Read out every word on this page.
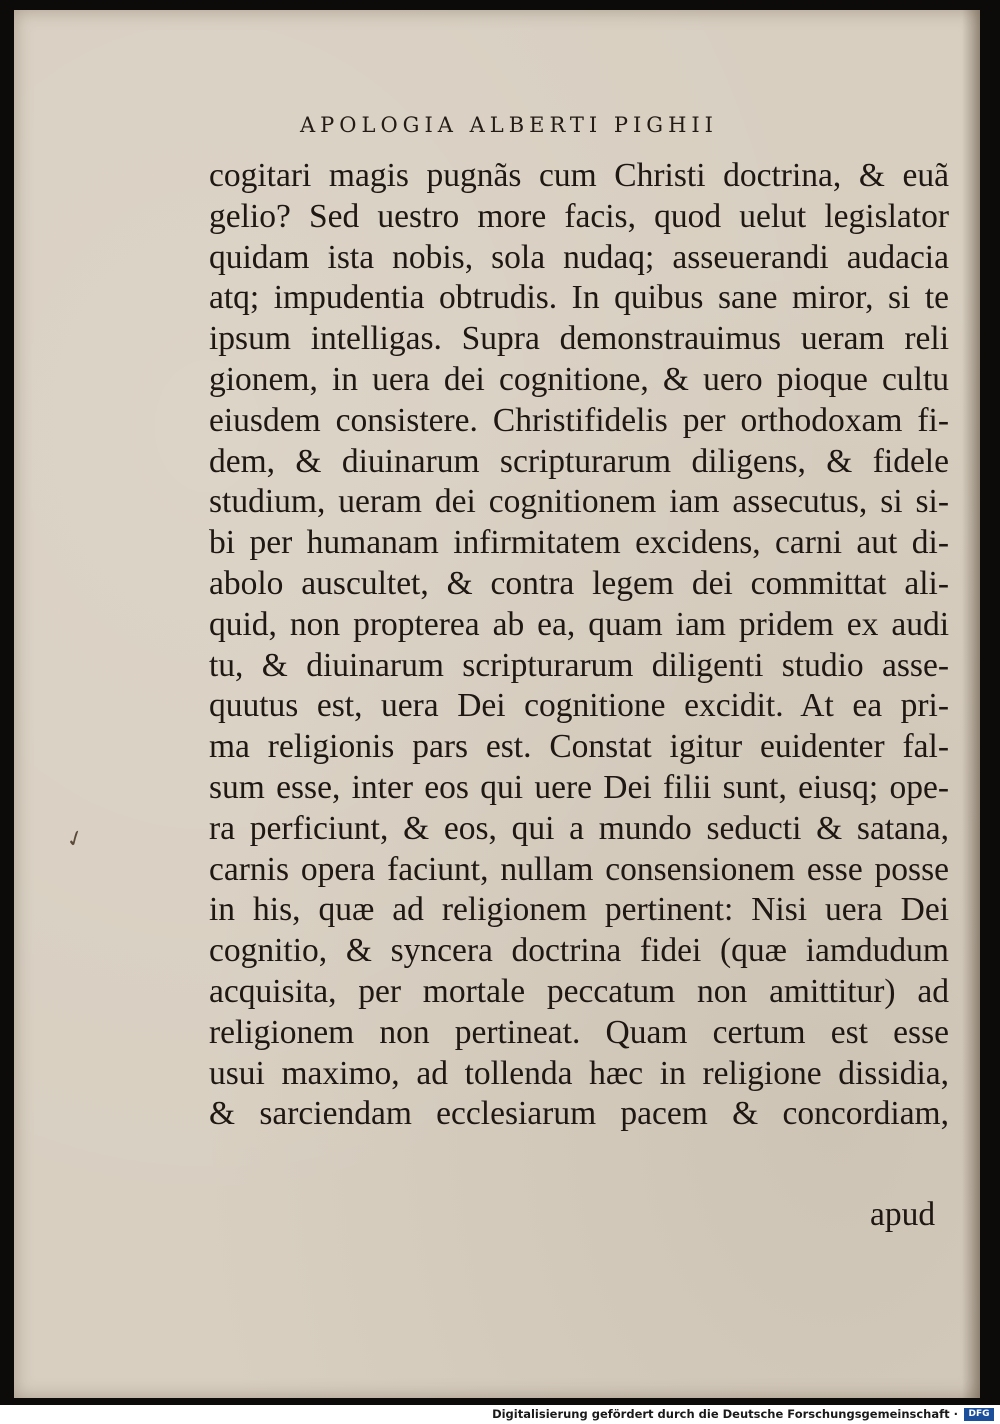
APOLOGIA ALBERTI PIGHII
✓
cogitari magis pugnãs cum Christi doctrina, & euã
gelio? Sed uestro more facis, quod uelut legislator
quidam ista nobis, sola nudaq; asseuerandi audacia
atq; impudentia obtrudis. In quibus sane miror, si te
ipsum intelligas. Supra demonstrauimus ueram reli
gionem, in uera dei cognitione, & uero pioque cultu
eiusdem consistere. Christifidelis per orthodoxam fi-
dem, & diuinarum scripturarum diligens, & fidele
studium, ueram dei cognitionem iam assecutus, si si-
bi per humanam infirmitatem excidens, carni aut di-
abolo auscultet, & contra legem dei committat ali-
quid, non propterea ab ea, quam iam pridem ex audi
tu, & diuinarum scripturarum diligenti studio asse-
quutus est, uera Dei cognitione excidit. At ea pri-
ma religionis pars est. Constat igitur euidenter fal-
sum esse, inter eos qui uere Dei filii sunt, eiusq; ope-
ra perficiunt, & eos, qui a mundo seducti & satana,
carnis opera faciunt, nullam consensionem esse posse
in his, quæ ad religionem pertinent: Nisi uera Dei
cognitio, & syncera doctrina fidei (quæ iamdudum
acquisita, per mortale peccatum non amittitur) ad
religionem non pertineat. Quam certum est esse
usui maximo, ad tollenda hæc in religione dissidia,
& sarciendam ecclesiarum pacem & concordiam,
apud
Digitalisierung gefördert durch die Deutsche Forschungsgemeinschaft ·	DFG
